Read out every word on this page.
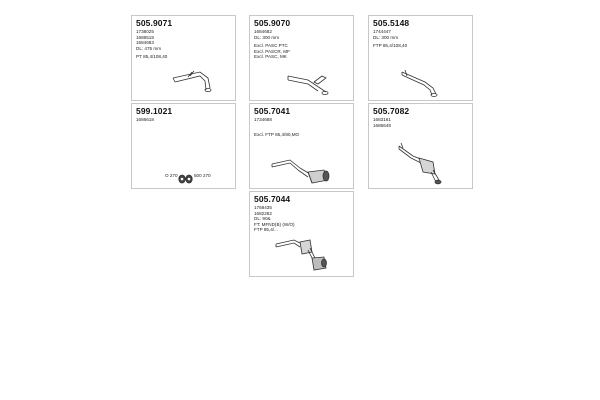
505.9071
1738025
1686518
1684683
DL: 475 mm
PT 85,4/108,40
505.9070
1684682
DL: 300 mm
Excl. PASC PTC
Excl. PASCR, MF
Excl. PASC, MK
505.5148
1744447
DL: 300 mm
FTP 85,4/108,40
599.1021
1686618
O 270	500 270
505.7041
1734688
Excl. FTP 85,4/80,MO
505.7082
1683161
1686648
505.7044
1768435
1682282
DL: 90&
FT: MFND(B) (W/O)
FTP 85,4/...
